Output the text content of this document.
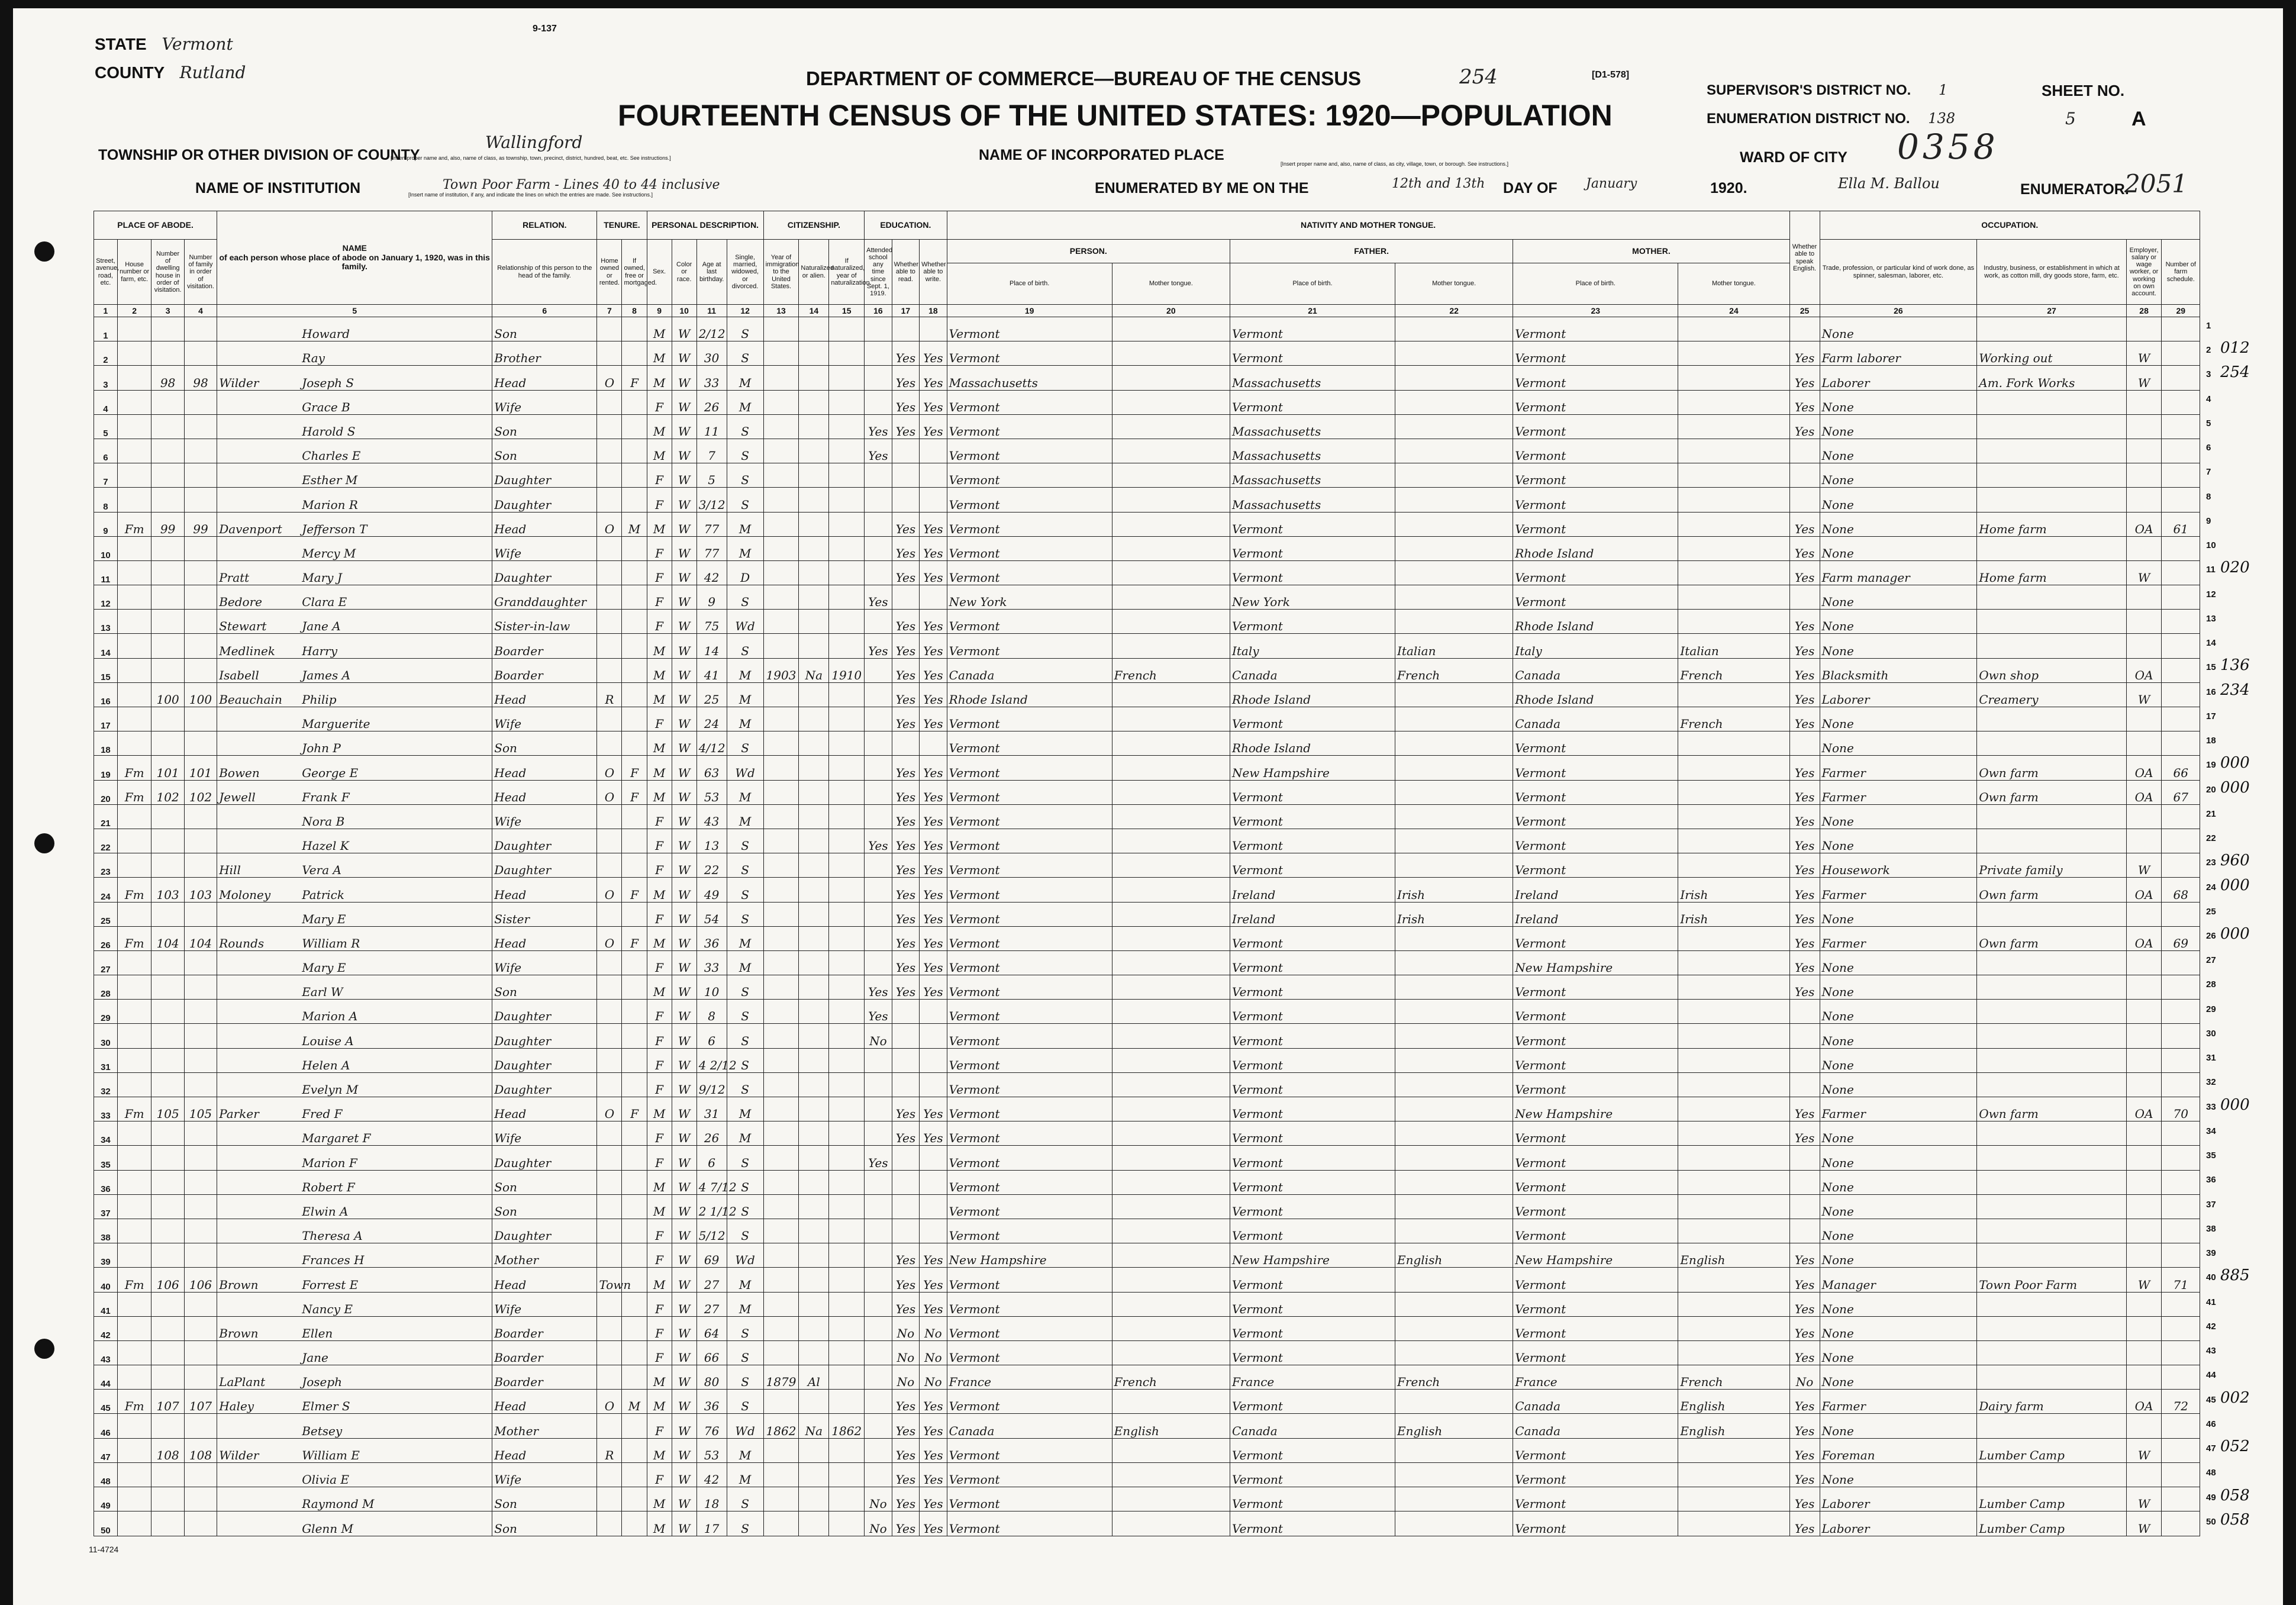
STATE Vermont
COUNTY Rutland
9-137
DEPARTMENT OF COMMERCE—BUREAU OF THE CENSUS	254	[D1-578]
FOURTEENTH CENSUS OF THE UNITED STATES: 1920—POPULATION
SUPERVISOR'S DISTRICT NO. 1
ENUMERATION DISTRICT NO. 138
SHEET NO.
5	A
TOWNSHIP OR OTHER DIVISION OF COUNTY
Wallingford
[Insert proper name and, also, name of class, as township, town, precinct, district, hundred, beat, etc. See instructions.]	NAME OF INCORPORATED PLACE
[Insert proper name and, also, name of class, as city, village, town, or borough. See instructions.]	WARD OF CITY 0358
NAME OF INSTITUTION	Town Poor Farm - Lines 40 to 44 inclusive
[Insert name of institution, if any, and indicate the lines on which the entries are made. See instructions.]	ENUMERATED BY ME ON THE	12th and 13th DAY OF January	1920.	Ella M. Ballou	ENUMERATOR.
2051
PLACE OF ABODE.				NAME
of each person whose place of abode on January 1, 1920, was in this family.	RELATION.	TENURE.		PERSONAL DESCRIPTION.				CITIZENSHIP.			EDUCATION.			NATIVITY AND MOTHER TONGUE.						Whether able to speak English.	OCCUPATION.			
Street, avenue, road, etc.	House number or farm, etc.	Number of dwelling house in order of visitation.	Number of family in order of visitation.		Relationship of this person to the head of the family.	Home owned or rented.	If owned, free or mortgaged.	Sex.	Color or race.	Age at last birthday.	Single, married, widowed, or divorced.	Year of immigration to the United States.	Naturalized or alien.	If naturalized, year of naturalization.	Attended school any time since Sept. 1, 1919.	Whether able to read.	Whether able to write.	PERSON.		FATHER.		MOTHER.			Trade, profession, or particular kind of work done, as spinner, salesman, laborer, etc.	Industry, business, or establishment in which at work, as cotton mill, dry goods store, farm, etc.	Employer, salary or wage worker, or working on own account.	Number of farm schedule.
																		Place of birth.	Mother tongue.	Place of birth.	Mother tongue.	Place of birth.	Mother tongue.					
1	2	3	4	5	6	7	8	9	10	11	12	13	14	15	16	17	18	19	20	21	22	23	24	25	26	27	28	29
1				Howard	Son			M	W	2/12	S							Vermont		Vermont		Vermont			None			
2				Ray	Brother			M	W	30	S					Yes	Yes	Vermont		Vermont		Vermont		Yes	Farm laborer	Working out	W	
3		98	98	Wilder Joseph S	Head	O	F	M	W	33	M					Yes	Yes	Massachusetts		Massachusetts		Vermont		Yes	Laborer	Am. Fork Works	W	
4				Grace B	Wife			F	W	26	M					Yes	Yes	Vermont		Vermont		Vermont		Yes	None			
5				Harold S	Son			M	W	11	S				Yes	Yes	Yes	Vermont		Massachusetts		Vermont		Yes	None			
6				Charles E	Son			M	W	7	S				Yes			Vermont		Massachusetts		Vermont			None			
7				Esther M	Daughter			F	W	5	S							Vermont		Massachusetts		Vermont			None			
8				Marion R	Daughter			F	W	3/12	S							Vermont		Massachusetts		Vermont			None			
9	Fm	99	99	Davenport Jefferson T	Head	O	M	M	W	77	M					Yes	Yes	Vermont		Vermont		Vermont		Yes	None	Home farm	OA	61
10				Mercy M	Wife			F	W	77	M					Yes	Yes	Vermont		Vermont		Rhode Island		Yes	None			
11				Pratt Mary J	Daughter			F	W	42	D					Yes	Yes	Vermont		Vermont		Vermont		Yes	Farm manager	Home farm	W	
12				Bedore Clara E	Granddaughter			F	W	9	S				Yes			New York		New York		Vermont			None			
13				Stewart Jane A	Sister-in-law			F	W	75	Wd					Yes	Yes	Vermont		Vermont		Rhode Island		Yes	None			
14				Medlinek Harry	Boarder			M	W	14	S				Yes	Yes	Yes	Vermont		Italy	Italian	Italy	Italian	Yes	None			
15				Isabell James A	Boarder			M	W	41	M	1903	Na	1910		Yes	Yes	Canada	French	Canada	French	Canada	French	Yes	Blacksmith	Own shop	OA	
16		100	100	Beauchain Philip	Head	R		M	W	25	M					Yes	Yes	Rhode Island		Rhode Island		Rhode Island		Yes	Laborer	Creamery	W	
17				Marguerite	Wife			F	W	24	M					Yes	Yes	Vermont		Vermont		Canada	French	Yes	None			
18				John P	Son			M	W	4/12	S							Vermont		Rhode Island		Vermont			None			
19	Fm	101	101	Bowen George E	Head	O	F	M	W	63	Wd					Yes	Yes	Vermont		New Hampshire		Vermont		Yes	Farmer	Own farm	OA	66
20	Fm	102	102	Jewell Frank F	Head	O	F	M	W	53	M					Yes	Yes	Vermont		Vermont		Vermont		Yes	Farmer	Own farm	OA	67
21				Nora B	Wife			F	W	43	M					Yes	Yes	Vermont		Vermont		Vermont		Yes	None			
22				Hazel K	Daughter			F	W	13	S				Yes	Yes	Yes	Vermont		Vermont		Vermont		Yes	None			
23				Hill Vera A	Daughter			F	W	22	S					Yes	Yes	Vermont		Vermont		Vermont		Yes	Housework	Private family	W	
24	Fm	103	103	Moloney Patrick	Head	O	F	M	W	49	S					Yes	Yes	Vermont		Ireland	Irish	Ireland	Irish	Yes	Farmer	Own farm	OA	68
25				Mary E	Sister			F	W	54	S					Yes	Yes	Vermont		Ireland	Irish	Ireland	Irish	Yes	None			
26	Fm	104	104	Rounds William R	Head	O	F	M	W	36	M					Yes	Yes	Vermont		Vermont		Vermont		Yes	Farmer	Own farm	OA	69
27				Mary E	Wife			F	W	33	M					Yes	Yes	Vermont		Vermont		New Hampshire		Yes	None			
28				Earl W	Son			M	W	10	S				Yes	Yes	Yes	Vermont		Vermont		Vermont		Yes	None			
29				Marion A	Daughter			F	W	8	S				Yes			Vermont		Vermont		Vermont			None			
30				Louise A	Daughter			F	W	6	S				No			Vermont		Vermont		Vermont			None			
31				Helen A	Daughter			F	W	4 2/12	S							Vermont		Vermont		Vermont			None			
32				Evelyn M	Daughter			F	W	9/12	S							Vermont		Vermont		Vermont			None			
33	Fm	105	105	Parker Fred F	Head	O	F	M	W	31	M					Yes	Yes	Vermont		Vermont		New Hampshire		Yes	Farmer	Own farm	OA	70
34				Margaret F	Wife			F	W	26	M					Yes	Yes	Vermont		Vermont		Vermont		Yes	None			
35				Marion F	Daughter			F	W	6	S				Yes			Vermont		Vermont		Vermont			None			
36				Robert F	Son			M	W	4 7/12	S							Vermont		Vermont		Vermont			None			
37				Elwin A	Son			M	W	2 1/12	S							Vermont		Vermont		Vermont			None			
38				Theresa A	Daughter			F	W	5/12	S							Vermont		Vermont		Vermont			None			
39				Frances H	Mother			F	W	69	Wd					Yes	Yes	New Hampshire		New Hampshire	English	New Hampshire	English	Yes	None			
40	Fm	106	106	Brown Forrest E	Head	Town		M	W	27	M					Yes	Yes	Vermont		Vermont		Vermont		Yes	Manager	Town Poor Farm	W	71
41				Nancy E	Wife			F	W	27	M					Yes	Yes	Vermont		Vermont		Vermont		Yes	None			
42				Brown Ellen	Boarder			F	W	64	S					No	No	Vermont		Vermont		Vermont		Yes	None			
43				Jane	Boarder			F	W	66	S					No	No	Vermont		Vermont		Vermont		Yes	None			
44				LaPlant Joseph	Boarder			M	W	80	S	1879	Al			No	No	France	French	France	French	France	French	No	None			
45	Fm	107	107	Haley Elmer S	Head	O	M	M	W	36	S					Yes	Yes	Vermont		Vermont		Canada	English	Yes	Farmer	Dairy farm	OA	72
46				Betsey	Mother			F	W	76	Wd	1862	Na	1862		Yes	Yes	Canada	English	Canada	English	Canada	English	Yes	None			
47		108	108	Wilder William E	Head	R		M	W	53	M					Yes	Yes	Vermont		Vermont		Vermont		Yes	Foreman	Lumber Camp	W	
48				Olivia E	Wife			F	W	42	M					Yes	Yes	Vermont		Vermont		Vermont		Yes	None			
49				Raymond M	Son			M	W	18	S				No	Yes	Yes	Vermont		Vermont		Vermont		Yes	Laborer	Lumber Camp	W	
50				Glenn M	Son			M	W	17	S				No	Yes	Yes	Vermont		Vermont		Vermont		Yes	Laborer	Lumber Camp	W	
11-4724
1
2 012
3 254
4
5
6
7
8
9
10
11 020
12
13
14
15 136
16 234
17
18
19 000
20 000
21
22
23 960
24 000
25
26 000
27
28
29
30
31
32
33 000
34
35
36
37
38
39
40 885
41
42
43
44
45 002
46
47 052
48
49 058
50 058
